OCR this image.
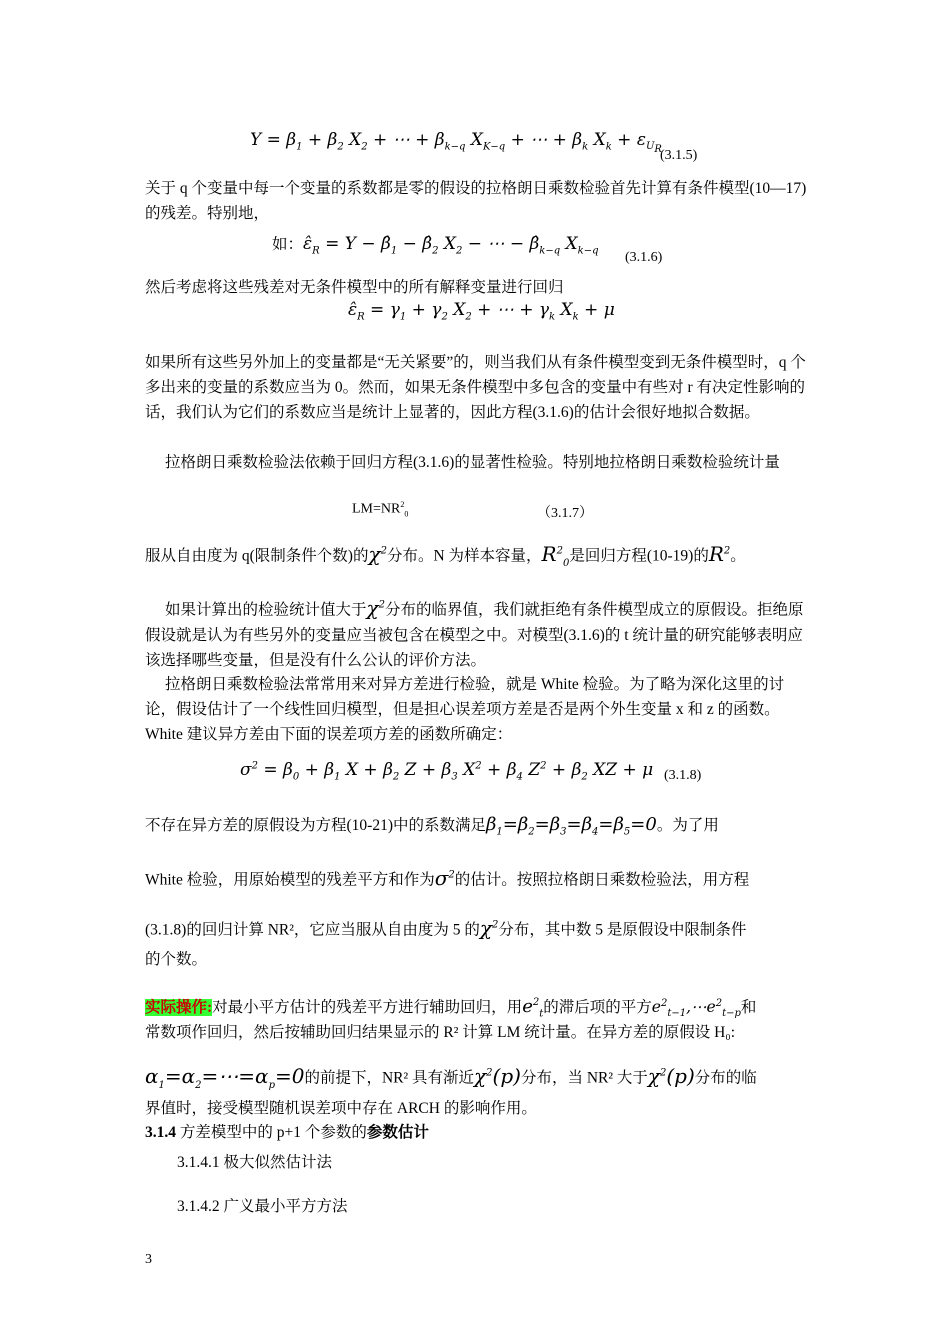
$Y = \beta_1 + \beta_2$ $X_2$ + ⋯ + $\beta_{k-q}$ $X_{K-q}$ + ⋯ + $\beta_k$ $X_k + \varepsilon_{U_R}$
(3.1.5)
关于 q 个变量中每一个变量的系数都是零的假设的拉格朗日乘数检验首先计算有条件模型(10—17)的残差。特别地，
如：$\varepsilon̂_R = Y$ − $\betâ_1$ − $\betâ_2$ $X_2$ − ⋯ − $\betâ_{k-q}$ $X_{k-q}$ (3.1.6)
然后考虑将这些残差对无条件模型中的所有解释变量进行回归
$\varepsilon̂_R = \gamma_1 + \gamma_2$ $X_2$ + ⋯ + $\gamma_k$ $X_k + \mu$
如果所有这些另外加上的变量都是“无关紧要”的，则当我们从有条件模型变到无条件模型时，q 个多出来的变量的系数应当为 0。然而，如果无条件模型中多包含的变量中有些对 r 有决定性影响的话，我们认为它们的系数应当是统计上显著的，因此方程(3.1.6)的估计会很好地拟合数据。
拉格朗日乘数检验法依赖于回归方程(3.1.6)的显著性检验。特别地拉格朗日乘数检验统计量
$LM=NR^2_0$	（3.1.7）
服从自由度为 q(限制条件个数)的$\chi^2$分布。N 为样本容量，$R^2_0$是回归方程(10-19)的$R^2$。
如果计算出的检验统计值大于$\chi^2$分布的临界值，我们就拒绝有条件模型成立的原假设。拒绝原假设就是认为有些另外的变量应当被包含在模型之中。对模型(3.1.6)的 t 统计量的研究能够表明应该选择哪些变量，但是没有什么公认的评价方法。
拉格朗日乘数检验法常常用来对异方差进行检验，就是 White 检验。为了略为深化这里的讨论，假设估计了一个线性回归模型，但是担心误差项方差是否是两个外生变量 x 和 z 的函数。White 建议异方差由下面的误差项方差的函数所确定：
$\sigma^2 = \beta_0 + \beta_1$ $X + \beta_2$ $Z + \beta_3$ $X^2 + \beta_4$ $Z^2 + \beta_2$ XZ + μ (3.1.8)
不存在异方差的原假设为方程(10-21)中的系数满足$\beta_1=\beta_2=\beta_3=\beta_4=\beta_5=0$。为了用
White 检验，用原始模型的残差平方和作为$\sigma^2$的估计。按照拉格朗日乘数检验法，用方程
(3.1.8)的回归计算 NR²，它应当服从自由度为 5 的$\chi^2$分布，其中数 5 是原假设中限制条件
的个数。
实际操作:对最小平方估计的残差平方进行辅助回归，用$e^2_t$的滞后项的平方$e^2_{t-1},\cdots e^2_{t-p}$和
常数项作回归，然后按辅助回归结果显示的 R² 计算 LM 统计量。在异方差的原假设 H₀:
$\alpha_1=\alpha_2=\cdots=\alpha_p=0$的前提下，NR² 具有渐近$\chi^2(p)$分布，当 NR² 大于$\chi^2(p)$分布的临
界值时，接受模型随机误差项中存在 ARCH 的影响作用。
3.1.4 方差模型中的 p+1 个参数的参数估计
3.1.4.1 极大似然估计法
3.1.4.2 广义最小平方方法
3
